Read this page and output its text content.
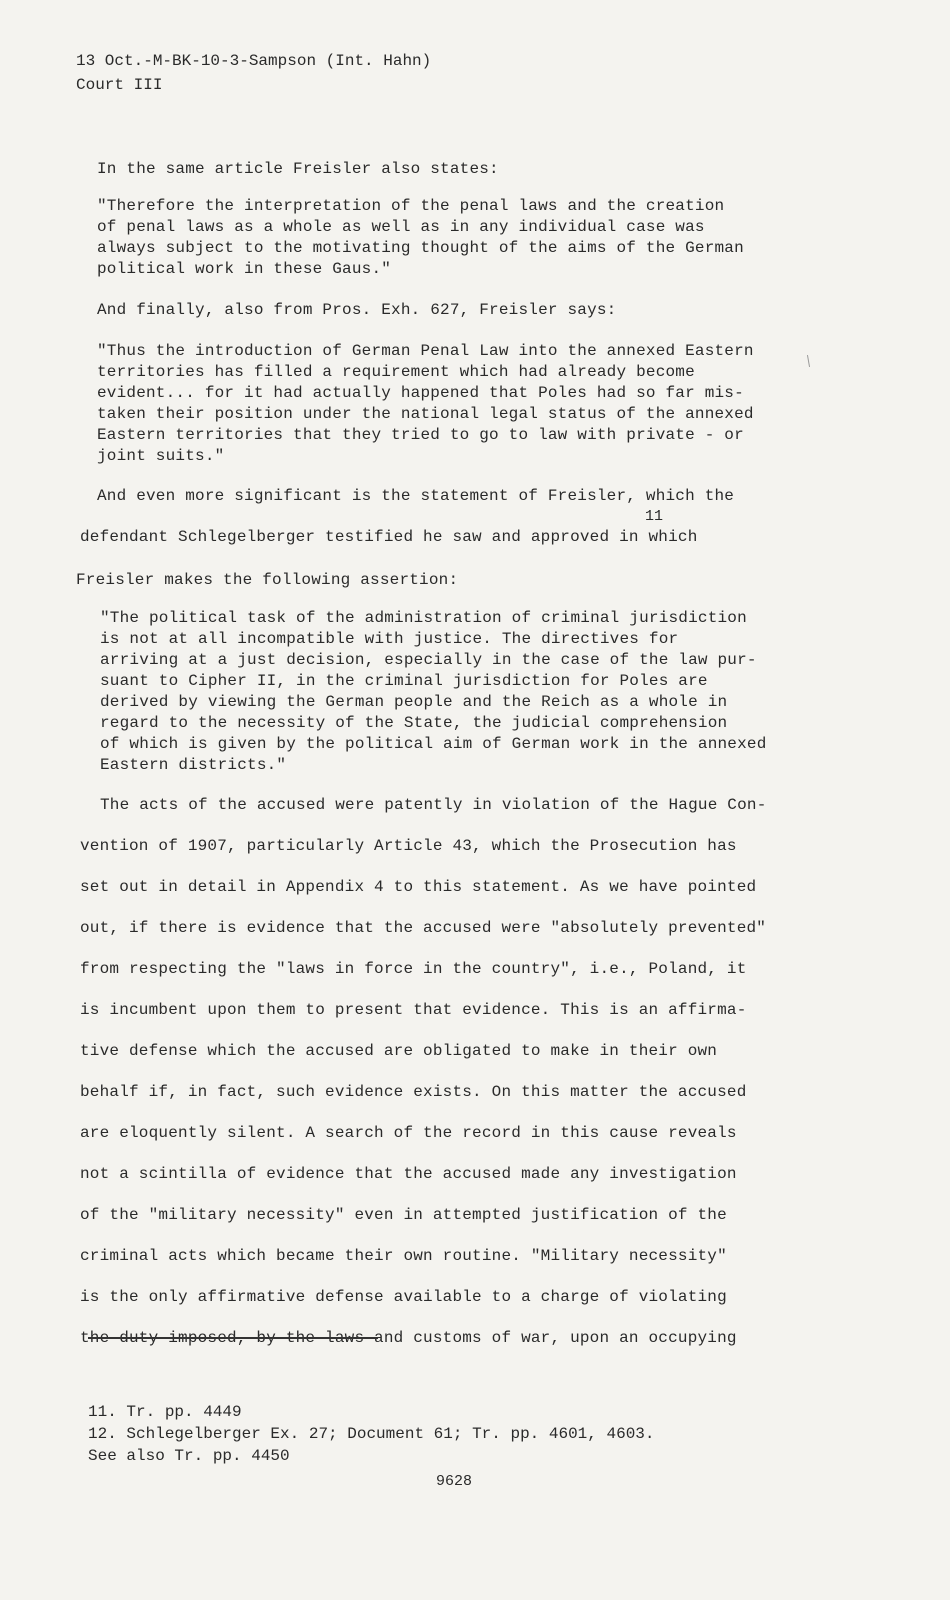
13 Oct.-M-BK-10-3-Sampson (Int. Hahn)
Court III
In the same article Freisler also states:
"Therefore the interpretation of the penal laws and the creation
of penal laws as a whole as well as in any individual case was
always subject to the motivating thought of the aims of the German
political work in these Gaus."
And finally, also from Pros. Exh. 627, Freisler says:
"Thus the introduction of German Penal Law into the annexed Eastern
territories has filled a requirement which had already become
evident... for it had actually happened that Poles had so far mis-
taken their position under the national legal status of the annexed
Eastern territories that they tried to go to law with private - or
joint suits."
And even more significant is the statement of Freisler, which the
11
defendant Schlegelberger testified he saw and approved in which
Freisler makes the following assertion:
"The political task of the administration of criminal jurisdiction
is not at all incompatible with justice. The directives for
arriving at a just decision, especially in the case of the law pur-
suant to Cipher II, in the criminal jurisdiction for Poles are
derived by viewing the German people and the Reich as a whole in
regard to the necessity of the State, the judicial comprehension
of which is given by the political aim of German work in the annexed
Eastern districts."
The acts of the accused were patently in violation of the Hague Con-
vention of 1907, particularly Article 43, which the Prosecution has
set out in detail in Appendix 4 to this statement. As we have pointed
out, if there is evidence that the accused were "absolutely prevented"
from respecting the "laws in force in the country", i.e., Poland, it
is incumbent upon them to present that evidence. This is an affirma-
tive defense which the accused are obligated to make in their own
behalf if, in fact, such evidence exists. On this matter the accused
are eloquently silent. A search of the record in this cause reveals
not a scintilla of evidence that the accused made any investigation
of the "military necessity" even in attempted justification of the
criminal acts which became their own routine. "Military necessity"
is the only affirmative defense available to a charge of violating
the duty imposed, by the laws and customs of war, upon an occupying
11. Tr. pp. 4449
12. Schlegelberger Ex. 27; Document 61; Tr. pp. 4601, 4603.
See also Tr. pp. 4450
9628
